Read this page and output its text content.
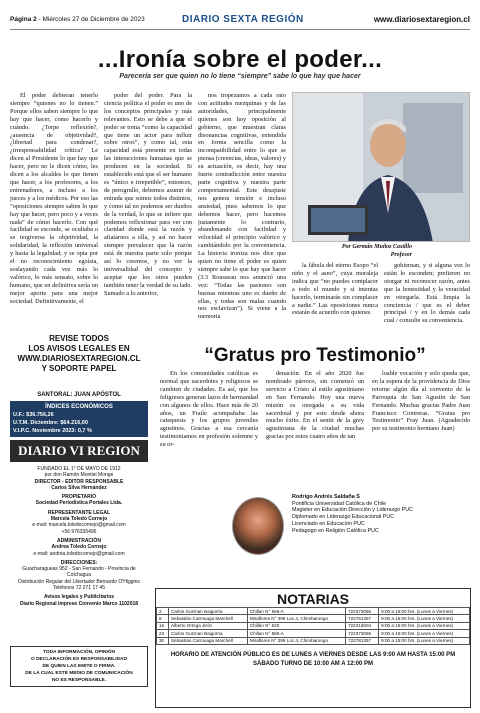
Página 2 - Miércoles 27 de Diciembre de 2023	DIARIO SEXTA REGIÓN	www.diariosextaregion.cl
...Ironía sobre el poder...
Parecería ser que quien no lo tiene “siempre” sabe lo que hay que hacer
El poder debieran tenerlo siempre “quienes no lo tienen.” Porque ellos saben siempre lo que hay que hacer, como hacerlo y cuándo. ¿Torpe reflexión?, ¿ausencia de objetividad?, ¿libertad para condenar?, ¿irresponsabilidad crítica? Le dicen al Presidente lo que hay que hacer, pero no le dicen cómo, les dicen a los alcaldes lo que tienen que hacer, a los profesores, a los entrenadores, a incluso a los jueces y a los médicos. Por eso las “oposiciones siempre saben lo que hay que hacer, pero poco y a veces nada” de cómo hacerlo. Con qué facilidad se esconde, se ocultaba o se tergiversa la objetividad, la solidaridad, la reflexión universal y hasta la legalidad; y se opta por el no reconocimiento egoísta, soslayando cada vez más lo valórico, lo más sensato, sobre lo humano, que en definitiva sería un mejor aporte para una mejor sociedad. Definitivamente, el
poder del poder. Para la ciencia política el poder es uno de los conceptos principales y más relevantes. Esto se debe a que el poder se toma “como la capacidad que tiene un actor para influir sobre otros”, y como tal, esta capacidad está presente en todas las interacciones humanas que se producen en la sociedad. Si establecido está que el ser humano es “único e irrepetible”, entonces, de perogrullo, debemos asumir de entrada que somos todos distintos, y como tal no podemos ser dueños de la verdad, lo que se infiere que podemos reflexionar para ver con claridad donde está la razón y afiatarnos a ella, y así no hacer siempre prevalecer que la razón está de nuestra parte solo porque así lo creemos, y no ver la universalidad del concepto y aceptar que los otros pueden también tener la verdad de su lado. Sumado a lo anterior,
nos tropezamos a cada rato con actitudes mezquinas y de las autoridades, principalmente quienes son hoy oposición al gobierno, que muestran claras disonancias cognitivas, entendida en forma sencilla como la incompatibilidad entre lo que se piensa (creencias, ideas, valores) y su actuación, es decir, hay una fuerte contradicción entre nuestra parte cognitiva y nuestra parte comportamental. Este desajuste nos genera tensión e incluso ansiedad, pues sabemos lo que debemos hacer, pero hacemos justamente lo contrario, abandonando con facilidad y velocidad el principio valórico y cambiándolo por la conveniencia. La historia ironiza nos dice que quien no tiene el poder es quien siempre sabe lo que hay que hacer (3.3 Rousseau nos anunció una vez: “Todas las pasiones son buenas mientras uno es dueño de ellas, y todas son malas cuando nos esclavizan”). Si viene a la memoria
Por Germán Muñoz Castillo
Profesor
la fábula del eterno Esopo “el niño y el asno”, cuya moraleja indica que “no puedes complacer a todo el mundo y si intentas hacerlo, terminarás sin complacer a nadie.” Las oposiciones nunca estarán de acuerdo con quienes
gobiernan, y si alguna vez lo están lo esconden; prefieren no otorgar ni reconocer razón, antes que la honestidad y la veracidad en otorgarla. Está limpia la conciencia / que es el deber principal / y en lo demás cada cual / consulte su conveniencia.
REVISE TODOS
LOS AVISOS LEGALES EN
WWW.DIARIOSEXTAREGION.CL
Y SOPORTE PAPEL
SANTORAL: JUAN APÓSTOL
ÍNDICES ECONÓMICOS
U.F.: $36.756,26
U.T.M. Diciembre: $64.216,00
V.I.P.C. Noviembre 2023: 0,7 %
DIARIO VI REGION
FUNDADO EL 1° DE MAYO DE 1912
por don Ramón Montiel Monge
DIRECTOR - EDITOR RESPONSABLE
Carlos Silva Hernández
PROPIETARIO
Sociedad Periodística Portales Ltda.
REPRESENTANTE LEGAL
Marcela Toledo Cornejo
e-mail: marcela.toledocornejo@gmail.com
+56 976335496
ADMINISTRACIÓN
Andrea Toledo Cornejo
e-mail: andrea.toledocornejo@gmail.com
DIRECCIONES:
Guacharagueas 952 - San Fernando - Provincia de Colchagua
Distribución Regular del Libertador Bernardo O'Higgins
Teléfonos 72 271 17 45
Avisos legales y Publicitarios
Diario Regional imprese Convenio Marco 1102018
TODA INFORMACIÓN, OPINIÓN
O DECLARACIÓN ES RESPONSABILIDAD
DE QUIEN LAS EMITE O FIRMA.
DE LA CUAL ESTE MEDIO DE COMUNICACIÓN
NO ES RESPONSABLE.
“Gratus pro Testimonio”
En los comunidades católicas es normal que sacerdotes y religiosos se cambien de ciudades. Es así, que los feligreses generan lazos de hermandad con algunos de ellos. Hace más de 20 años, un Fraile acompañaba las catequesis y los grupos juveniles agustinos. Gracias a esa cercanía testimoniamos en profesión solemne y su or-
denación. En el año 2020 fue nombrado párroco, sin comenzó un servicio a Cristo al estilo agustiniano en San Fernando. Hoy una nueva misión es otorgada a su vida sacerdotal y por esto desde ahora mucho éxito. En el sentir de la grey agustiniana de la ciudad muchas gracias por estos cuatro años de tan
loable vocación y solo queda que, en la espera de la providencia de Dios retorne algún día al convento de la Parroquia de San Agustín de San Fernando. Muchas gracias Padre Juan Francisco Contreras. “Gratus pro Testimonio” Fray Juan. (Agradecido por su testimonio hermano Juan)
Rodrigo Andrés Saldaña S
Pontificia Universidad Católica de Chile
Magister en Educación Dirección y Liderazgo PUC
Diplomado en Liderazgo Educacional PUC
Licenciado en Educación PUC
Pedagogo en Religión Católica PUC
NOTARIAS
2	Carlos Guzman Baigorria	Chillan N° 566-A	722373066	9:00 a 15:00 hrs. (Lunes a Viernes)
9	Sebastián Carmuaga Marchell	Miraflores N° 399 Loc.4, Chimbarongo	722781357	9:00 a 15:00 hrs. (Lunes a Viernes)
16	Alberto Ortega Jirón	Chillán N° 620	722316604	9:00 a 15:00 hrs. (Lunes a Viernes)
23	Carlos Guzman Baigorria	Chillan N° 566-A	722373066	9:00 a 15:00 hrs. (Lunes a Viernes)
30	Sebastián Carmuaga Marchell	Miraflores N° 399 Loc.4, Chimbarongo	722781357	9:00 a 15:00 hrs. (Lunes a Viernes)
HORARIO DE ATENCIÓN PÚBLICO ES DE LUNES A VIERNES DESDE LAS 9:00 AM HASTA 15:00 PM
SÁBADO TURNO DE 10:00 AM A 12:00 PM
